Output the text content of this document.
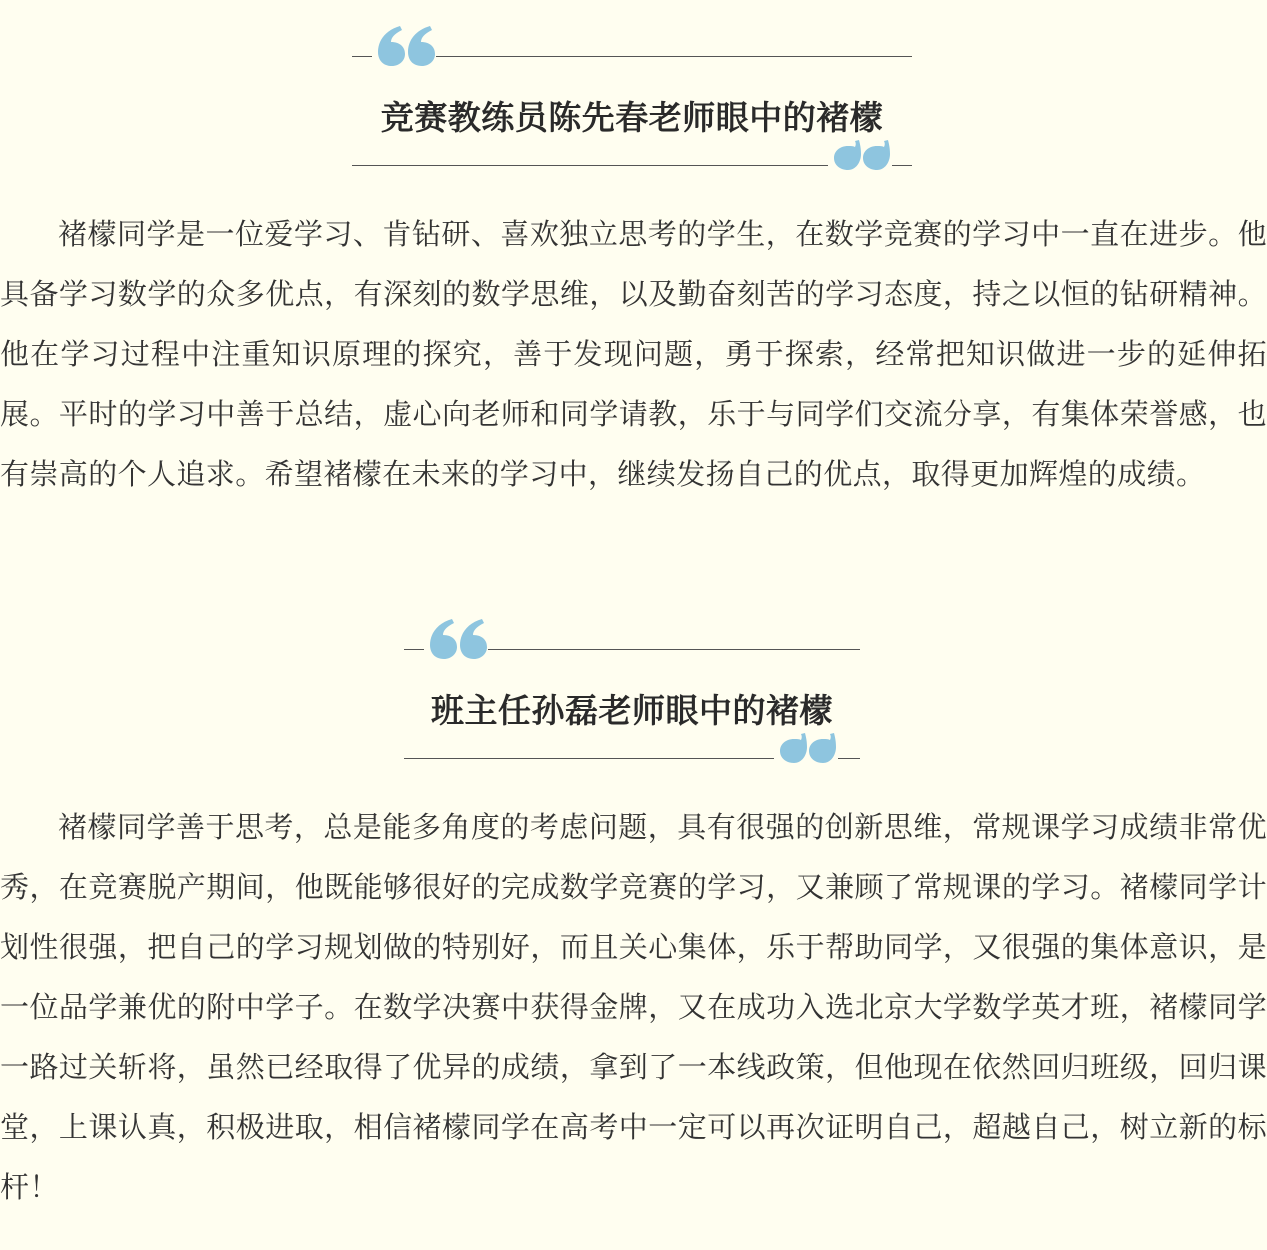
竞赛教练员陈先春老师眼中的褚檬
褚檬同学是一位爱学习、肯钻研、喜欢独立思考的学生，在数学竞赛的学习中一直在进步。他具备学习数学的众多优点，有深刻的数学思维，以及勤奋刻苦的学习态度，持之以恒的钻研精神。他在学习过程中注重知识原理的探究，善于发现问题，勇于探索，经常把知识做进一步的延伸拓展。平时的学习中善于总结，虚心向老师和同学请教，乐于与同学们交流分享，有集体荣誉感，也有崇高的个人追求。希望褚檬在未来的学习中，继续发扬自己的优点，取得更加辉煌的成绩。
班主任孙磊老师眼中的褚檬
褚檬同学善于思考，总是能多角度的考虑问题，具有很强的创新思维，常规课学习成绩非常优秀，在竞赛脱产期间，他既能够很好的完成数学竞赛的学习，又兼顾了常规课的学习。褚檬同学计划性很强，把自己的学习规划做的特别好，而且关心集体，乐于帮助同学，又很强的集体意识，是一位品学兼优的附中学子。在数学决赛中获得金牌，又在成功入选北京大学数学英才班，褚檬同学一路过关斩将，虽然已经取得了优异的成绩，拿到了一本线政策，但他现在依然回归班级，回归课堂，上课认真，积极进取，相信褚檬同学在高考中一定可以再次证明自己，超越自己，树立新的标杆！
